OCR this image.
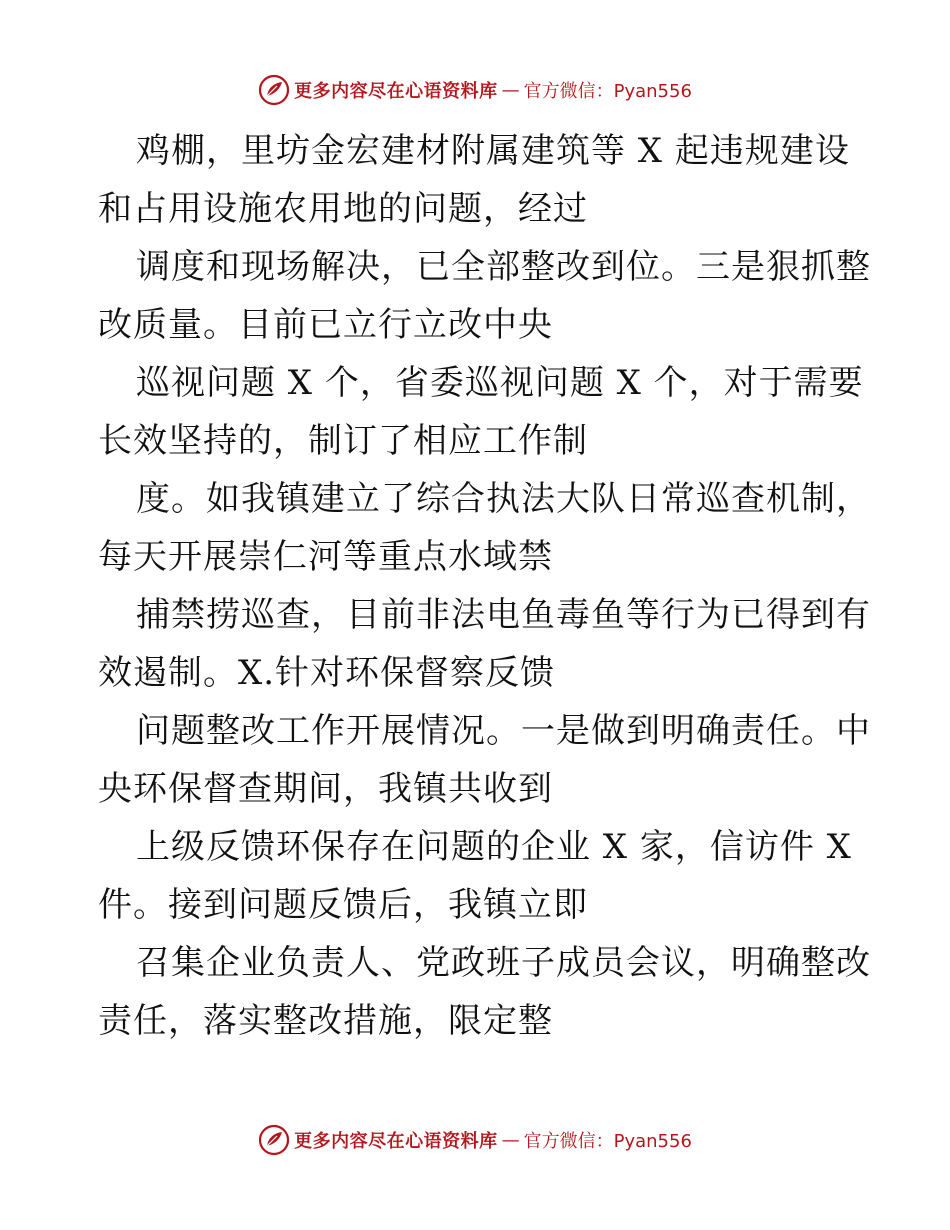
更多内容尽在心语资料库 — 官方微信：Pyan556

鸡棚，里坊金宏建材附属建筑等 X 起违规建设
和占用设施农用地的问题，经过

调度和现场解决，已全部整改到位。三是狠抓整
改质量。目前已立行立改中央

巡视问题 X 个，省委巡视问题 X 个，对于需要
长效坚持的，制订了相应工作制

度。如我镇建立了综合执法大队日常巡查机制，
每天开展崇仁河等重点水域禁

捕禁捞巡查，目前非法电鱼毒鱼等行为已得到有
效遏制。X.针对环保督察反馈

问题整改工作开展情况。一是做到明确责任。中
央环保督查期间，我镇共收到

上级反馈环保存在问题的企业 X 家，信访件 X
件。接到问题反馈后，我镇立即

召集企业负责人、党政班子成员会议，明确整改
责任，落实整改措施，限定整

更多内容尽在心语资料库 — 官方微信：Pyan556
